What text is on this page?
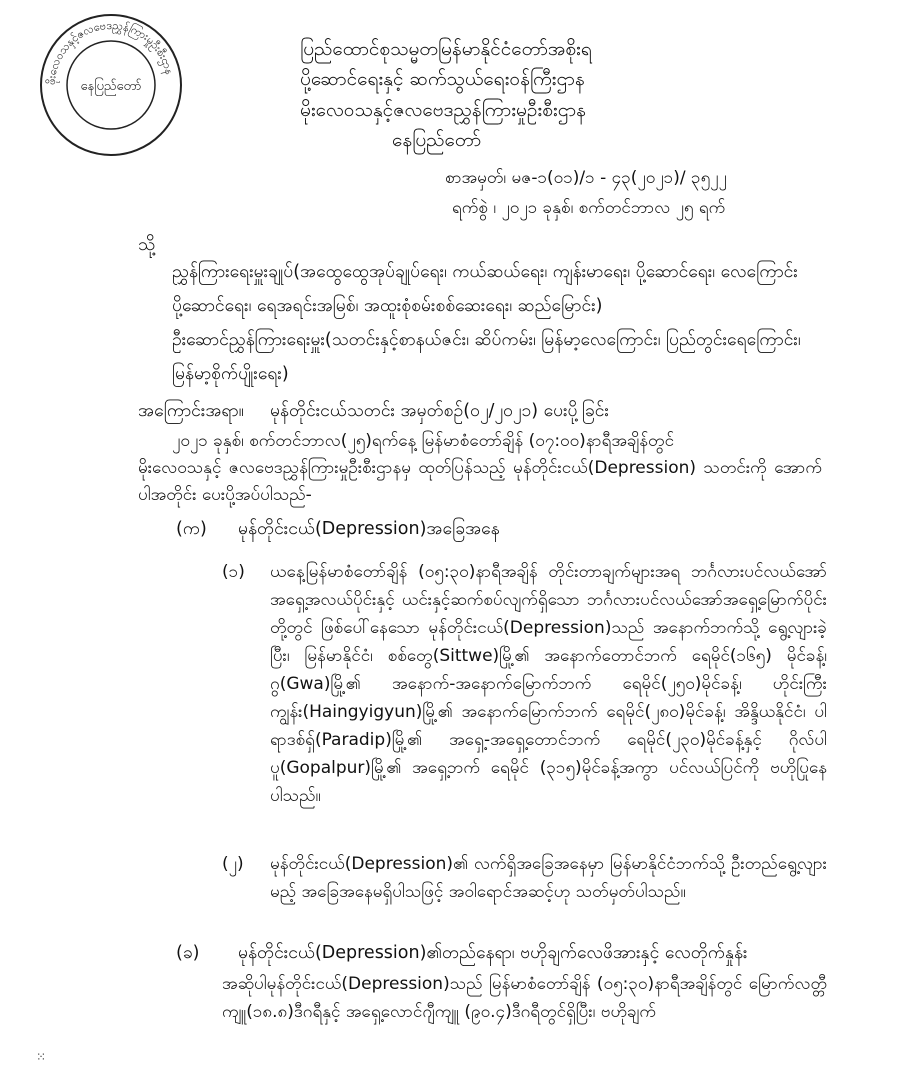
ဖိုးလေဝသနှင့်ဇလဗေဒညွှန်ကြားမှုဦးစီးဌာန
နေပြည်တော်
ပြည်ထောင်စုသမ္မတမြန်မာနိုင်ငံတော်အစိုးရ
ပို့ဆောင်ရေးနှင့် ဆက်သွယ်ရေးဝန်ကြီးဌာန
မိုးလေဝသနှင့်ဇလဗေဒညွှန်ကြားမှုဦးစီးဌာန
နေပြည်တော်
စာအမှတ်၊ မဇ-၁(၀၁)/၁ - ၄၃(၂၀၂၁)/ ၃၅၂၂
ရက်စွဲ ၊ ၂၀၂၁ ခုနှစ်၊ စက်တင်ဘာလ ၂၅ ရက်
သို့
ညွှန်ကြားရေးမှူးချုပ်(အထွေထွေအုပ်ချုပ်ရေး၊ ကယ်ဆယ်ရေး၊ ကျန်းမာရေး၊ ပို့ဆောင်ရေး၊ လေကြောင်းပို့ဆောင်ရေး၊ ရေအရင်းအမြစ်၊ အထူးစုံစမ်းစစ်ဆေးရေး၊ ဆည်မြောင်း) ဦးဆောင်ညွှန်ကြားရေးမှူး(သတင်းနှင့်စာနယ်ဇင်း၊ ဆိပ်ကမ်း၊ မြန်မာ့လေကြောင်း၊ ပြည်တွင်းရေကြောင်း၊ မြန်မာ့စိုက်ပျိုးရေး)
အကြောင်းအရာ။ မုန်တိုင်းငယ်သတင်း အမှတ်စဉ်(၀၂/၂၀၂၁) ပေးပို့ခြင်း
၂၀၂၁ ခုနှစ်၊ စက်တင်ဘာလ(၂၅)ရက်နေ့ မြန်မာစံတော်ချိန် (၀၇:၀၀)နာရီအချိန်တွင်
မိုးလေဝသနှင့် ဇလဗေဒညွှန်ကြားမှုဦးစီးဌာနမှ ထုတ်ပြန်သည့် မုန်တိုင်းငယ်(Depression) သတင်းကို အောက်ပါအတိုင်း ပေးပို့အပ်ပါသည်-
(က) မုန်တိုင်းငယ်(Depression)အခြေအနေ
(၁) ယနေ့မြန်မာစံတော်ချိန် (၀၅:၃၀)နာရီအချိန် တိုင်းတာချက်များအရ ဘင်္ဂလားပင်လယ်အော်အရှေ့အလယ်ပိုင်းနှင့် ယင်းနှင့်ဆက်စပ်လျက်ရှိသော ဘင်္ဂလားပင်လယ်အော်အရှေ့မြောက်ပိုင်းတို့တွင် ဖြစ်ပေါ်နေသော မုန်တိုင်းငယ်(Depression)သည် အနောက်ဘက်သို့ ရွေ့လျားခဲ့ပြီး၊ မြန်မာနိုင်ငံ၊ စစ်တွေ(Sittwe)မြို့၏ အနောက်တောင်ဘက် ရေမိုင်(၁၆၅) မိုင်ခန့်၊ ဂွ(Gwa)မြို့၏ အနောက်-အနောက်မြောက်ဘက် ရေမိုင်(၂၅၀)မိုင်ခန့်၊ ဟိုင်းကြီးကျွန်း(Haingyigyun)မြို့၏ အနောက်မြောက်ဘက် ရေမိုင်(၂၈၀)မိုင်ခန့်၊ အိန္ဒိယနိုင်ငံ၊ ပါရာဒစ်ရှ်(Paradip)မြို့၏ အရှေ့-အရှေ့တောင်ဘက် ရေမိုင်(၂၃၀)မိုင်ခန့်နှင့် ဂိုလ်ပါပူ(Gopalpur)မြို့၏ အရှေ့ဘက် ရေမိုင် (၃၁၅)မိုင်ခန့်အကွာ ပင်လယ်ပြင်ကို ဗဟိုပြုနေပါသည်။
(၂) မုန်တိုင်းငယ်(Depression)၏ လက်ရှိအခြေအနေမှာ မြန်မာနိုင်ငံဘက်သို့ ဦးတည်ရွေ့လျားမည့် အခြေအနေမရှိပါသဖြင့် အဝါရောင်အဆင့်ဟု သတ်မှတ်ပါသည်။
(ခ) မုန်တိုင်းငယ်(Depression)၏တည်နေရာ၊ ဗဟိုချက်လေဖိအားနှင့် လေတိုက်နှုန်း
အဆိုပါမုန်တိုင်းငယ်(Depression)သည် မြန်မာစံတော်ချိန် (၀၅:၃၀)နာရီအချိန်တွင် မြောက်လတ္တီကျူ(၁၈.၈)ဒီဂရီနှင့် အရှေ့လောင်ဂျီကျူ (၉၀.၄)ဒီဂရီတွင်ရှိပြီး၊ ဗဟိုချက်
⁙
